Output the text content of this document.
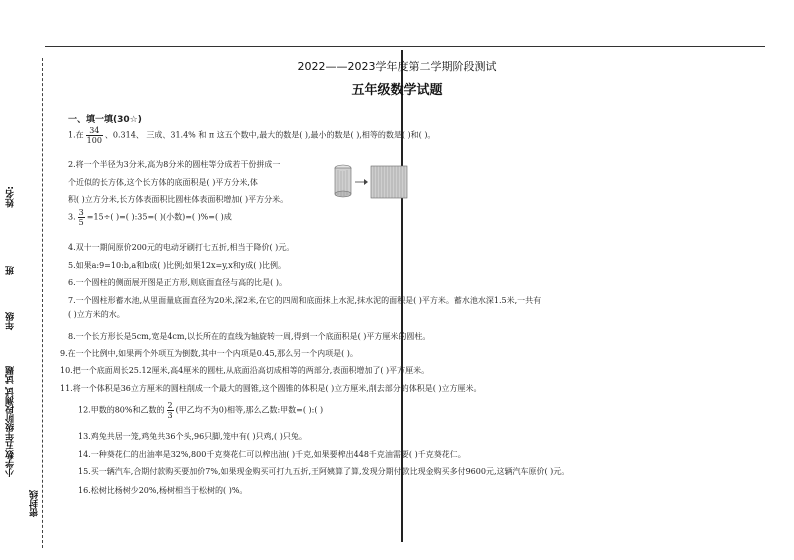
姓名:
班
年级
小学数五年级阶段测试 试题
密封线
2022——2023学年度第二学期阶段测试
五年级数学试题
一、填一填(30☆)
1.在 $\frac{34}{100}$ 、0.314、 三成、31.4% 和 π 这五个数中,最大的数是( ),最小的数是( ),相等的数是( )和( )。
2.将一个半径为3分米,高为8分米的圆柱等分成若干份拼成一
个近似的长方体,这个长方体的底面积是( )平方分米,体
积( )立方分米,长方体表面积比圆柱体表面积增加( )平方分米。
3. $\frac{3}{5} =15\div$( )=( ):35=( )(小数)=( )%=( )成
4.双十一期间原价200元的电动牙刷打七五折,相当于降价( )元。
5.如果a:9=10:b,a和b成( )比例;如果12x=y,x和y成( )比例。
6.一个圆柱的侧面展开图是正方形,则底面直径与高的比是( )。
7.一个圆柱形蓄水池,从里面量底面直径为20米,深2米,在它的四周和底面抹上水泥,抹水泥的面积是( )平方米。蓄水池水深1.5米,一共有
( )立方米的水。
8.一个长方形长是5cm,宽是4cm,以长所在的直线为轴旋转一周,得到一个底面积是( )平方厘米的圆柱。
9.在一个比例中,如果两个外项互为倒数,其中一个内项是0.45,那么另一个内项是( )。
10.把一个底面周长25.12厘米,高4厘米的圆柱,从底面沿高切成相等的两部分,表面积增加了( )平方厘米。
11.将一个体积是36立方厘米的圆柱削成一个最大的圆锥,这个圆锥的体积是( )立方厘米,削去部分的体积是( )立方厘米。
12.甲数的80%和乙数的 $\frac{2}{3}$ (甲乙均不为0)相等,那么乙数:甲数=( ):( )
13.鸡兔共居一笼,鸡兔共36个头,96只脚,笼中有( )只鸡,( )只兔。
14.一种葵花仁的出油率是32%,800千克葵花仁可以榨出油( )千克,如果要榨出448千克油需要( )千克葵花仁。
15.买一辆汽车,合期付款购买要加价7%,如果现金购买可打九五折,王阿姨算了算,发现分期付款比现金购买多付9600元,这辆汽车原价( )元。
16.松树比杨树少20%,杨树相当于松树的( )%。
